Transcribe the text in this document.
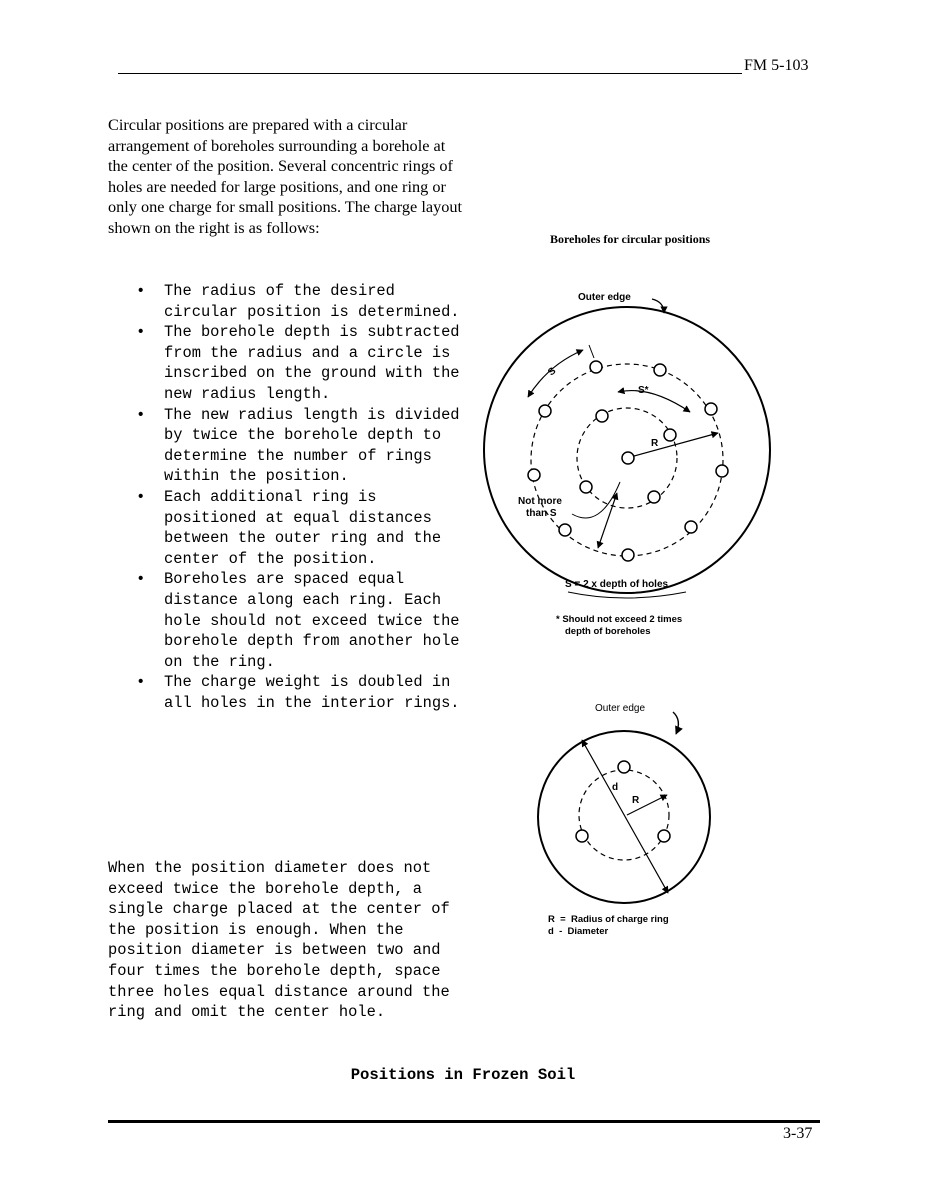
FM 5-103
Circular positions are prepared with a circular arrangement of boreholes surrounding a borehole at the center of the position. Several concentric rings of holes are needed for large positions, and one ring or only one charge for small positions. The charge layout shown on the right is as follows:
• The radius of the desired circular position is determined.
• The borehole depth is subtracted from the radius and a circle is inscribed on the ground with the new radius length.
• The new radius length is divided by twice the borehole depth to determine the number of rings within the position.
• Each additional ring is positioned at equal distances between the outer ring and the center of the position.
• Boreholes are spaced equal distance along each ring. Each hole should not exceed twice the borehole depth from another hole on the ring.
• The charge weight is doubled in all holes in the interior rings.
When the position diameter does not exceed twice the borehole depth, a single charge placed at the center of the position is enough. When the position diameter is between two and four times the borehole depth, space three holes equal distance around the ring and omit the center hole.
Positions in Frozen Soil
Boreholes for circular positions
Outer edge
S
S*
R
Not more
than S
S = 2 x depth of holes
* Should not exceed 2 times
depth of boreholes
Outer edge
d
R
R  =  Radius of charge ring
d  -  Diameter
3-37
